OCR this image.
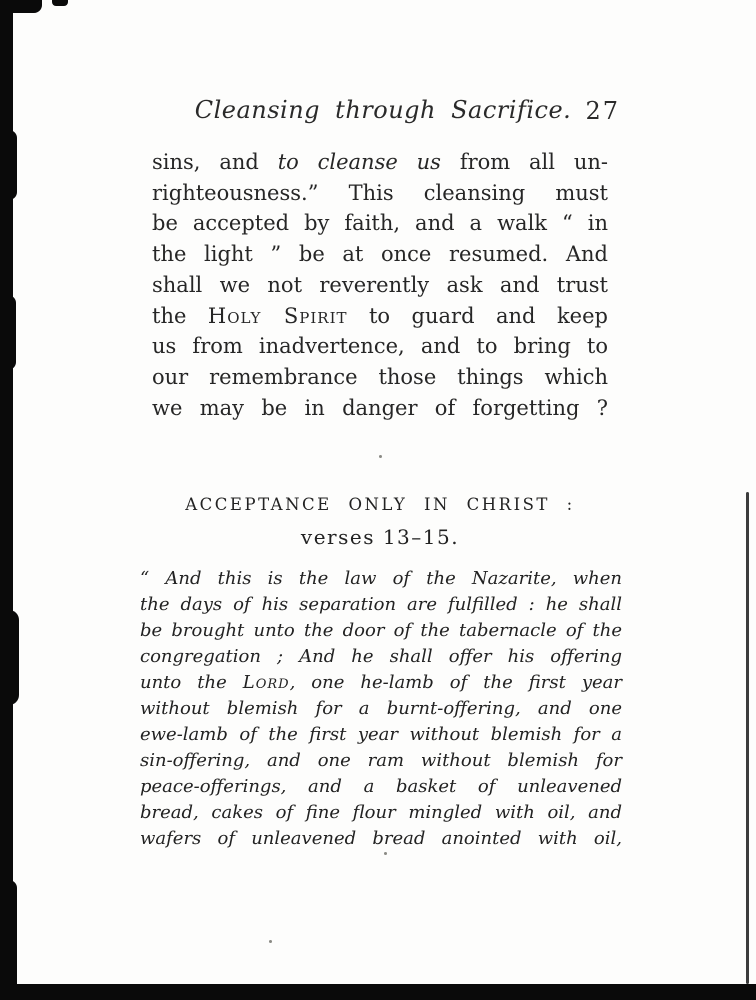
Cleansing through Sacrifice. 27
sins, and to cleanse us from all un-
righteousness.” This cleansing must
be accepted by faith, and a walk “ in
the light ” be at once resumed. And
shall we not reverently ask and trust
the Holy Spirit to guard and keep
us from inadvertence, and to bring to
our remembrance those things which
we may be in danger of forgetting ?
ACCEPTANCE ONLY IN CHRIST :
verses 13–15.
“ And this is the law of the Nazarite, when
the days of his separation are fulfilled : he shall
be brought unto the door of the tabernacle of the
congregation ; And he shall offer his offering
unto the Lord, one he-lamb of the first year
without blemish for a burnt-offering, and one
ewe-lamb of the first year without blemish for a
sin-offering, and one ram without blemish for
peace-offerings, and a basket of unleavened
bread, cakes of fine flour mingled with oil, and
wafers of unleavened bread anointed with oil,
